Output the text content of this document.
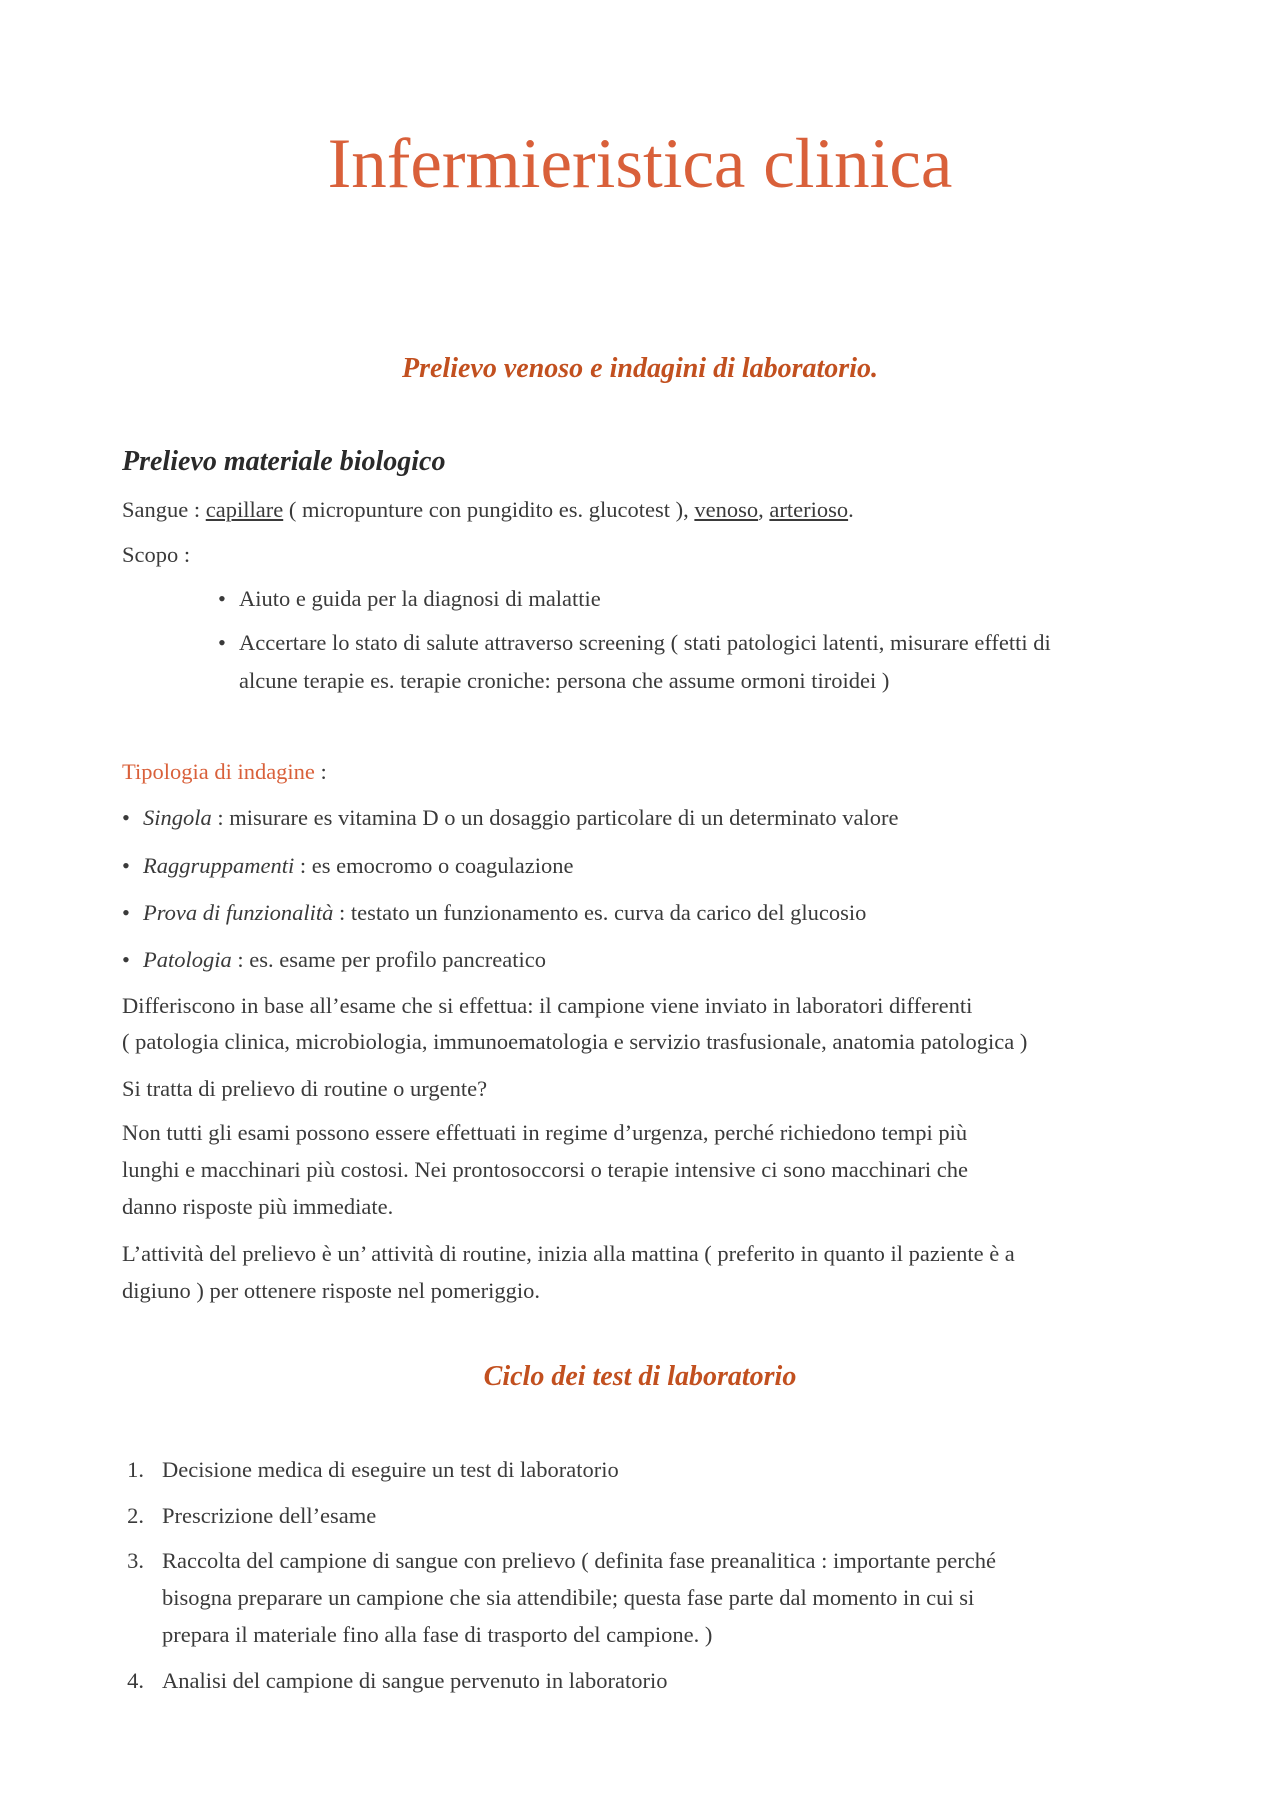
Infermieristica clinica
Prelievo venoso e indagini di laboratorio.
Prelievo materiale biologico
Sangue : capillare ( micropunture con pungidito es. glucotest ), venoso, arterioso.
Scopo :
• Aiuto e guida per la diagnosi di malattie
• Accertare lo stato di salute attraverso screening ( stati patologici latenti, misurare effetti di
alcune terapie es. terapie croniche: persona che assume ormoni tiroidei )
Tipologia di indagine :
• Singola : misurare es vitamina D o un dosaggio particolare di un determinato valore
• Raggruppamenti : es emocromo o coagulazione
• Prova di funzionalità : testato un funzionamento es. curva da carico del glucosio
• Patologia : es. esame per profilo pancreatico
Differiscono in base all’esame che si effettua: il campione viene inviato in laboratori differenti
( patologia clinica, microbiologia, immunoematologia e servizio trasfusionale, anatomia patologica )
Si tratta di prelievo di routine o urgente?
Non tutti gli esami possono essere effettuati in regime d’urgenza, perché richiedono tempi più
lunghi e macchinari più costosi. Nei prontosoccorsi o terapie intensive ci sono macchinari che
danno risposte più immediate.
L’attività del prelievo è un’ attività di routine, inizia alla mattina ( preferito in quanto il paziente è a
digiuno ) per ottenere risposte nel pomeriggio.
Ciclo dei test di laboratorio
1. Decisione medica di eseguire un test di laboratorio
2. Prescrizione dell’esame
3. Raccolta del campione di sangue con prelievo ( definita fase preanalitica : importante perché
bisogna preparare un campione che sia attendibile; questa fase parte dal momento in cui si
prepara il materiale fino alla fase di trasporto del campione. )
4. Analisi del campione di sangue pervenuto in laboratorio
